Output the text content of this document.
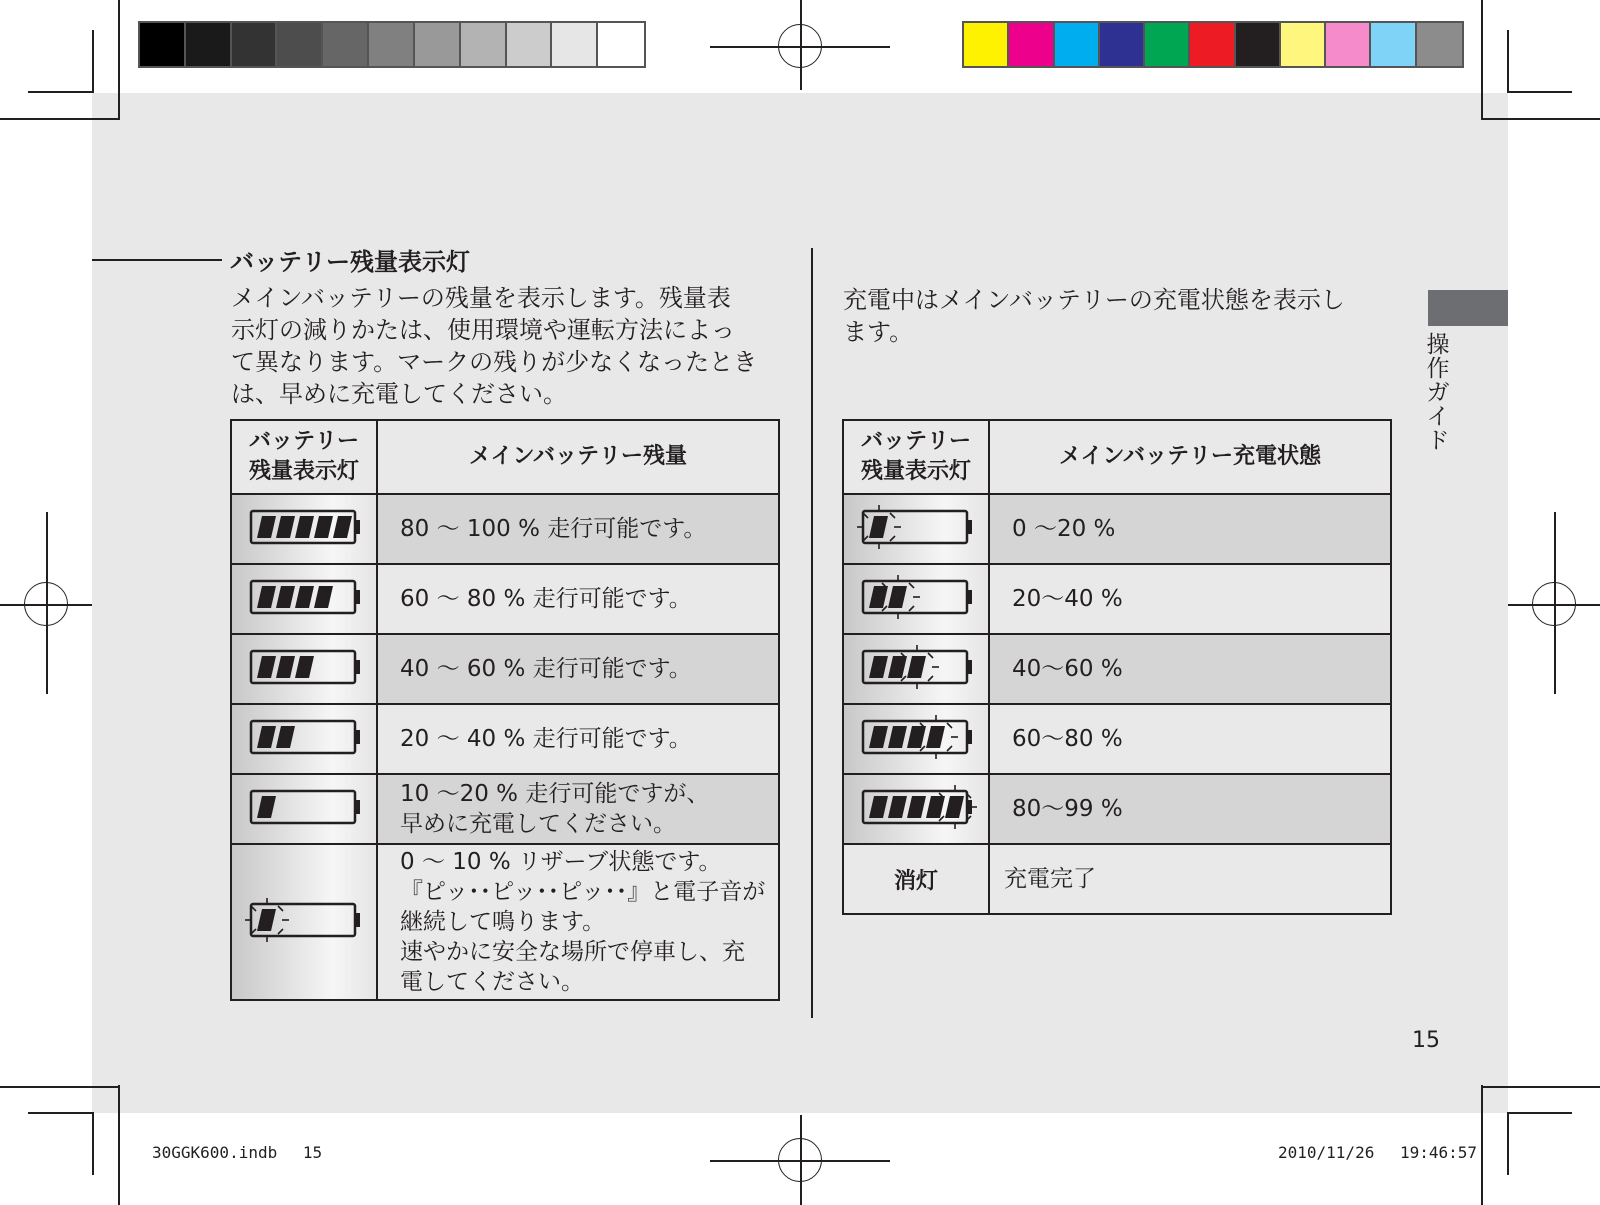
バッテリー残量表示灯
メインバッテリーの残量を表示します。残量表
示灯の減りかたは、使用環境や運転方法によっ
て異なります。マークの残りが少なくなったとき
は、早めに充電してください。
バッテリー
残量表示灯	メインバッテリー残量

80 ～ 100 % 走行可能です。

60 ～ 80 % 走行可能です。

40 ～ 60 % 走行可能です。

20 ～ 40 % 走行可能です。

10 ～20 % 走行可能ですが、
早めに充電してください。

0 ～ 10 % リザーブ状態です。
『ピッ･･ピッ･･ピッ･･』と電子音が
継続して鳴ります。
速やかに安全な場所で停車し、充
電してください。
充電中はメインバッテリーの充電状態を表示し
ます。
バッテリー
残量表示灯	メインバッテリー充電状態
	0 ～20 %
	20～40 %
	40～60 %
	60～80 %
	80～99 %
消灯	充電完了
操
作
ガ
イ
ド
15
30GGK600.indb　 15	2010/11/26 　19:46:57
